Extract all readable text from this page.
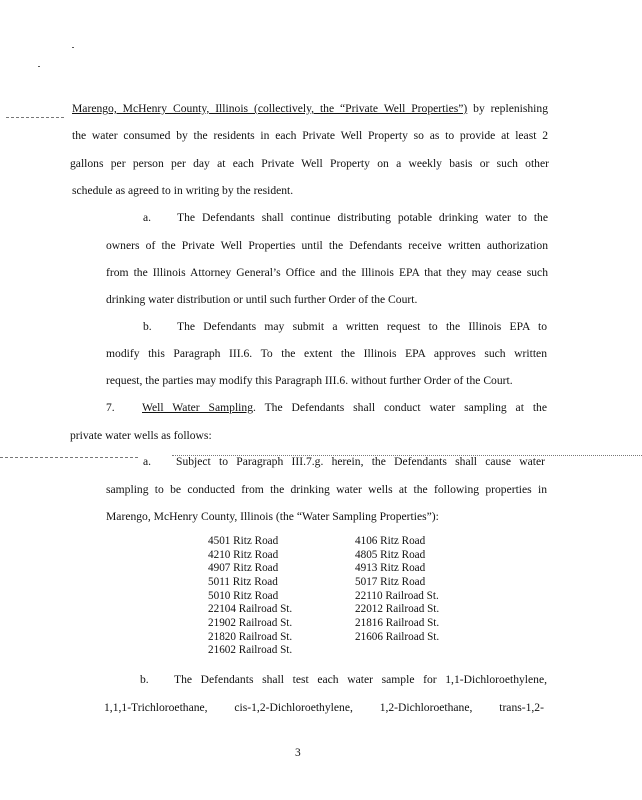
Marengo, McHenry County, Illinois (collectively, the “Private Well Properties”) by replenishing
the water consumed by the residents in each Private Well Property so as to provide at least 2
gallons per person per day at each Private Well Property on a weekly basis or such other
schedule as agreed to in writing by the resident.
a. The Defendants shall continue distributing potable drinking water to the
owners of the Private Well Properties until the Defendants receive written authorization
from the Illinois Attorney General’s Office and the Illinois EPA that they may cease such
drinking water distribution or until such further Order of the Court.
b. The Defendants may submit a written request to the Illinois EPA to
modify this Paragraph III.6. To the extent the Illinois EPA approves such written
request, the parties may modify this Paragraph III.6. without further Order of the Court.
7. Well Water Sampling. The Defendants shall conduct water sampling at the
private water wells as follows:
a. Subject to Paragraph III.7.g. herein, the Defendants shall cause water
sampling to be conducted from the drinking water wells at the following properties in
Marengo, McHenry County, Illinois (the “Water Sampling Properties”):
4501 Ritz Road
4210 Ritz Road
4907 Ritz Road
5011 Ritz Road
5010 Ritz Road
22104 Railroad St.
21902 Railroad St.
21820 Railroad St.
21602 Railroad St.
4106 Ritz Road
4805 Ritz Road
4913 Ritz Road
5017 Ritz Road
22110 Railroad St.
22012 Railroad St.
21816 Railroad St.
21606 Railroad St.
b. The Defendants shall test each water sample for 1,1-Dichloroethylene,
1,1,1-Trichloroethane, cis-1,2-Dichloroethylene, 1,2-Dichloroethane, trans-1,2-
3
